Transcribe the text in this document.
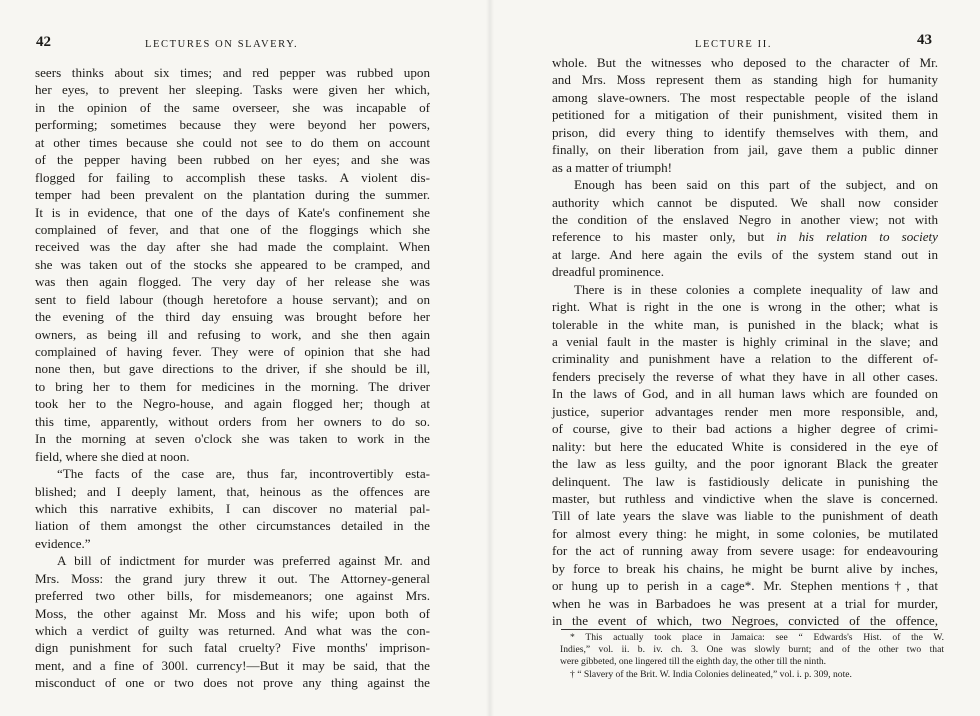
42	LECTURES ON SLAVERY.
seers thinks about six times; and red pepper was rubbed upon
her eyes, to prevent her sleeping. Tasks were given her which,
in the opinion of the same overseer, she was incapable of
performing; sometimes because they were beyond her powers,
at other times because she could not see to do them on account
of the pepper having been rubbed on her eyes; and she was
flogged for failing to accomplish these tasks. A violent dis-
temper had been prevalent on the plantation during the summer.
It is in evidence, that one of the days of Kate's confinement she
complained of fever, and that one of the floggings which she
received was the day after she had made the complaint. When
she was taken out of the stocks she appeared to be cramped, and
was then again flogged. The very day of her release she was
sent to field labour (though heretofore a house servant); and on
the evening of the third day ensuing was brought before her
owners, as being ill and refusing to work, and she then again
complained of having fever. They were of opinion that she had
none then, but gave directions to the driver, if she should be ill,
to bring her to them for medicines in the morning. The driver
took her to the Negro-house, and again flogged her; though at
this time, apparently, without orders from her owners to do so.
In the morning at seven o'clock she was taken to work in the
field, where she died at noon.
“The facts of the case are, thus far, incontrovertibly esta-
blished; and I deeply lament, that, heinous as the offences are
which this narrative exhibits, I can discover no material pal-
liation of them amongst the other circumstances detailed in the
evidence.”
A bill of indictment for murder was preferred against Mr. and
Mrs. Moss: the grand jury threw it out. The Attorney-general
preferred two other bills, for misdemeanors; one against Mrs.
Moss, the other against Mr. Moss and his wife; upon both of
which a verdict of guilty was returned. And what was the con-
dign punishment for such fatal cruelty? Five months' imprison-
ment, and a fine of 300l. currency!—But it may be said, that the
misconduct of one or two does not prove any thing against the
LECTURE II.	43
whole. But the witnesses who deposed to the character of Mr.
and Mrs. Moss represent them as standing high for humanity
among slave-owners. The most respectable people of the island
petitioned for a mitigation of their punishment, visited them in
prison, did every thing to identify themselves with them, and
finally, on their liberation from jail, gave them a public dinner
as a matter of triumph!
Enough has been said on this part of the subject, and on
authority which cannot be disputed. We shall now consider
the condition of the enslaved Negro in another view; not with
reference to his master only, but in his relation to society
at large. And here again the evils of the system stand out in
dreadful prominence.
There is in these colonies a complete inequality of law and
right. What is right in the one is wrong in the other; what is
tolerable in the white man, is punished in the black; what is
a venial fault in the master is highly criminal in the slave; and
criminality and punishment have a relation to the different of-
fenders precisely the reverse of what they have in all other cases.
In the laws of God, and in all human laws which are founded on
justice, superior advantages render men more responsible, and,
of course, give to their bad actions a higher degree of crimi-
nality: but here the educated White is considered in the eye of
the law as less guilty, and the poor ignorant Black the greater
delinquent. The law is fastidiously delicate in punishing the
master, but ruthless and vindictive when the slave is concerned.
Till of late years the slave was liable to the punishment of death
for almost every thing: he might, in some colonies, be mutilated
for the act of running away from severe usage: for endeavouring
by force to break his chains, he might be burnt alive by inches,
or hung up to perish in a cage*. Mr. Stephen mentions†, that
when he was in Barbadoes he was present at a trial for murder,
in the event of which, two Negroes, convicted of the offence,
* This actually took place in Jamaica: see “ Edwards's Hist. of the W.
Indies,” vol. ii. b. iv. ch. 3. One was slowly burnt; and of the other two that
were gibbeted, one lingered till the eighth day, the other till the ninth.
† “ Slavery of the Brit. W. India Colonies delineated,” vol. i. p. 309, note.
